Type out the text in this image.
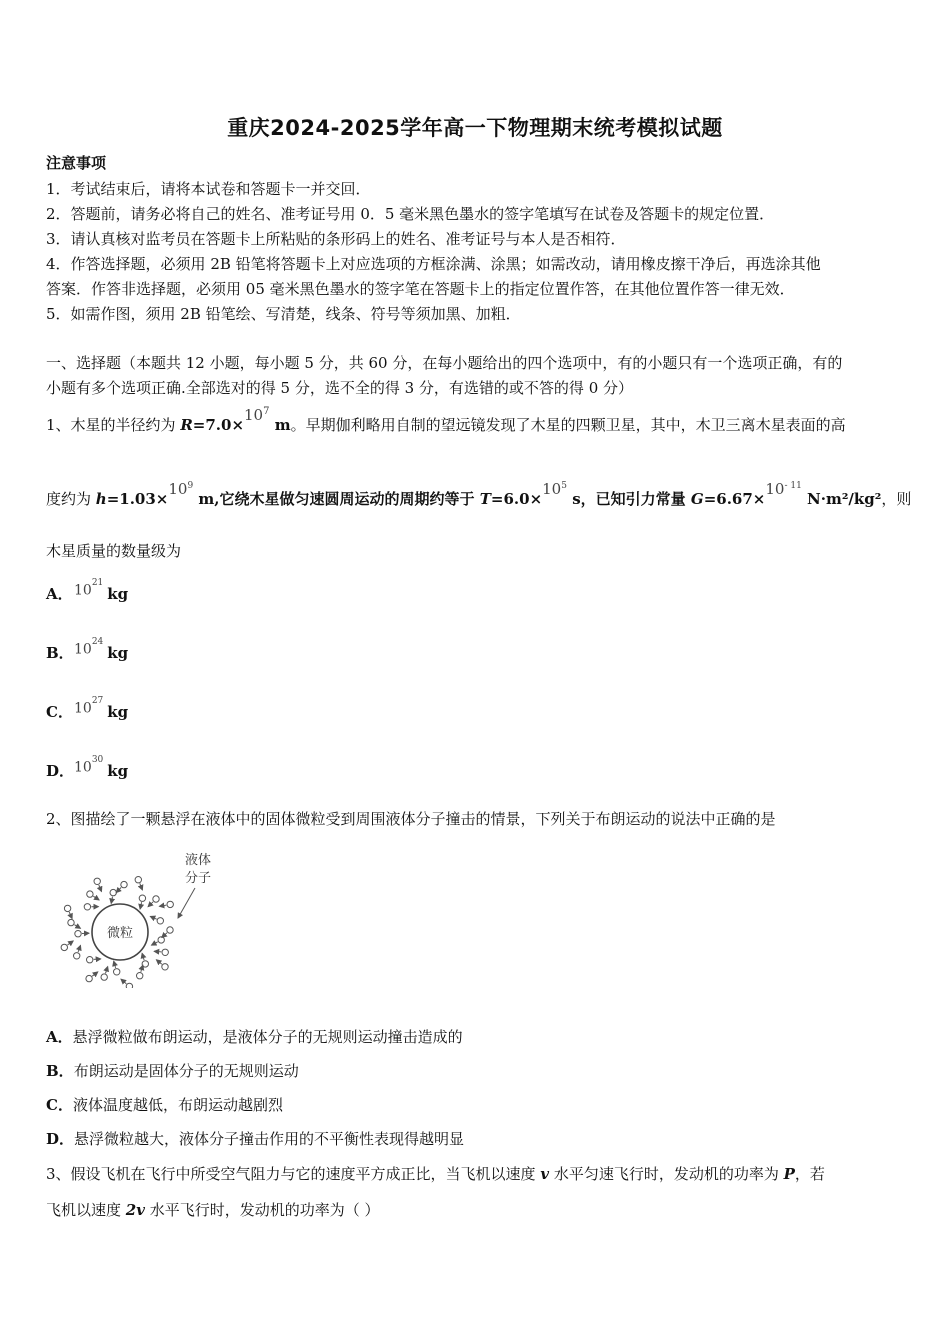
重庆2024-2025学年高一下物理期末统考模拟试题
注意事项
1．考试结束后，请将本试卷和答题卡一并交回．
2．答题前，请务必将自己的姓名、准考证号用 0．5 毫米黑色墨水的签字笔填写在试卷及答题卡的规定位置．
3．请认真核对监考员在答题卡上所粘贴的条形码上的姓名、准考证号与本人是否相符．
4．作答选择题，必须用 2B 铅笔将答题卡上对应选项的方框涂满、涂黑；如需改动，请用橡皮擦干净后，再选涂其他
答案．作答非选择题，必须用 05 毫米黑色墨水的签字笔在答题卡上的指定位置作答，在其他位置作答一律无效．
5．如需作图，须用 2B 铅笔绘、写清楚，线条、符号等须加黑、加粗．
一、选择题（本题共 12 小题，每小题 5 分，共 60 分，在每小题给出的四个选项中，有的小题只有一个选项正确，有的
小题有多个选项正确.全部选对的得 5 分，选不全的得 3 分，有选错的或不答的得 0 分）
1、木星的半径约为 $R=7.0\times 10^7$ m。早期伽利略用自制的望远镜发现了木星的四颗卫星，其中，木卫三离木星表面的高
度约为 $h=1.03\times 10^9$ m,它绕木星做匀速圆周运动的周期约等于 $T=6.0\times 10^5$ s，已知引力常量 $G=6.67\times 10^{- 11}$ N·m²/kg²，则
木星质量的数量级为
A．$10^{21}kg$
B．$10^{24}kg$
C．$10^{27}kg$
D．$10^{30}kg$
2、图描绘了一颗悬浮在液体中的固体微粒受到周围液体分子撞击的情景，下列关于布朗运动的说法中正确的是
微粒
液体
分子
A．悬浮微粒做布朗运动，是液体分子的无规则运动撞击造成的
B．布朗运动是固体分子的无规则运动
C．液体温度越低，布朗运动越剧烈
D．悬浮微粒越大，液体分子撞击作用的不平衡性表现得越明显
3、假设飞机在飞行中所受空气阻力与它的速度平方成正比，当飞机以速度 v 水平匀速飞行时，发动机的功率为 P，若
飞机以速度 2v 水平飞行时，发动机的功率为（ ）
